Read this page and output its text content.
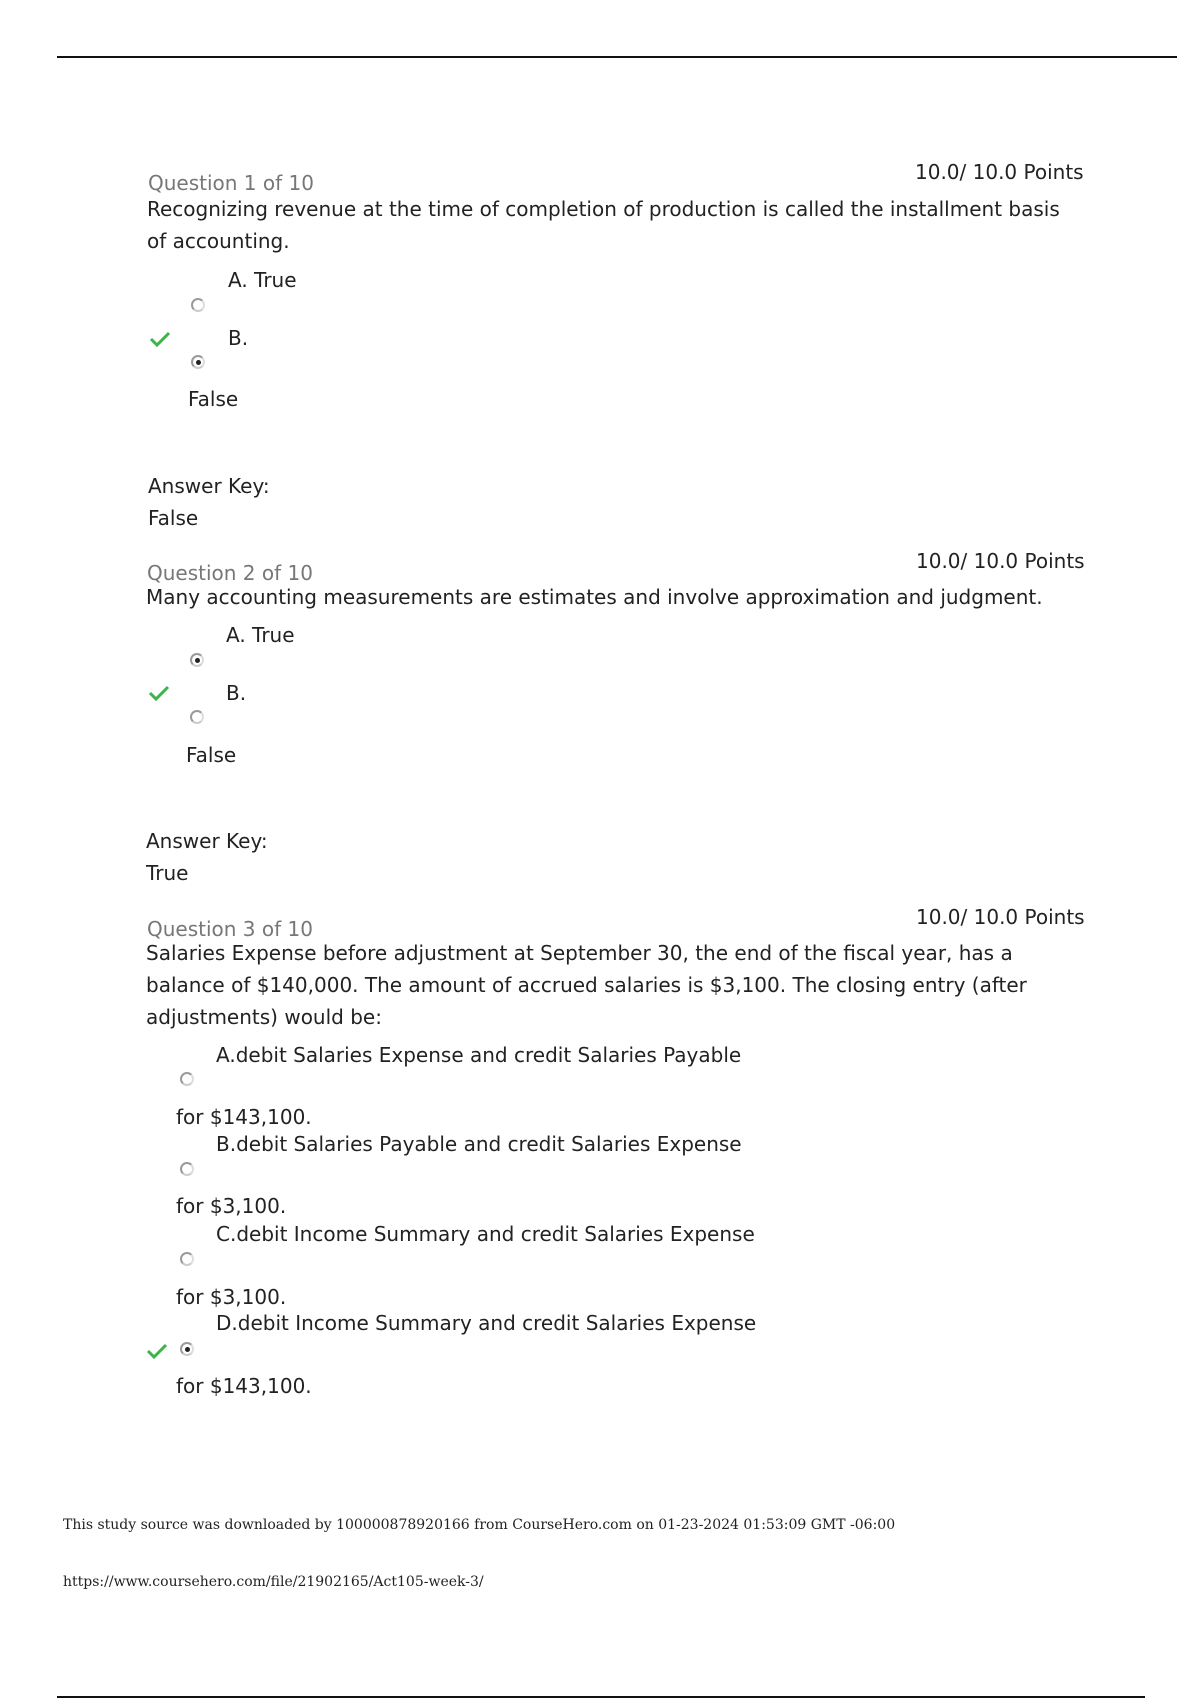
Question 1 of 10	10.0/ 10.0 Points
Recognizing revenue at the time of completion of production is called the installment basis of accounting.
A. True
B.
False
Answer Key:
False
Question 2 of 10	10.0/ 10.0 Points
Many accounting measurements are estimates and involve approximation and judgment.
A. True
B.
False
Answer Key:
True
Question 3 of 10	10.0/ 10.0 Points
Salaries Expense before adjustment at September 30, the end of the fiscal year, has a balance of $140,000. The amount of accrued salaries is $3,100. The closing entry (after adjustments) would be:
A.debit Salaries Expense and credit Salaries Payable
for $143,100.
B.debit Salaries Payable and credit Salaries Expense
for $3,100.
C.debit Income Summary and credit Salaries Expense
for $3,100.
D.debit Income Summary and credit Salaries Expense
for $143,100.
This study source was downloaded by 100000878920166 from CourseHero.com on 01-23-2024 01:53:09 GMT -06:00
https://www.coursehero.com/file/21902165/Act105-week-3/
